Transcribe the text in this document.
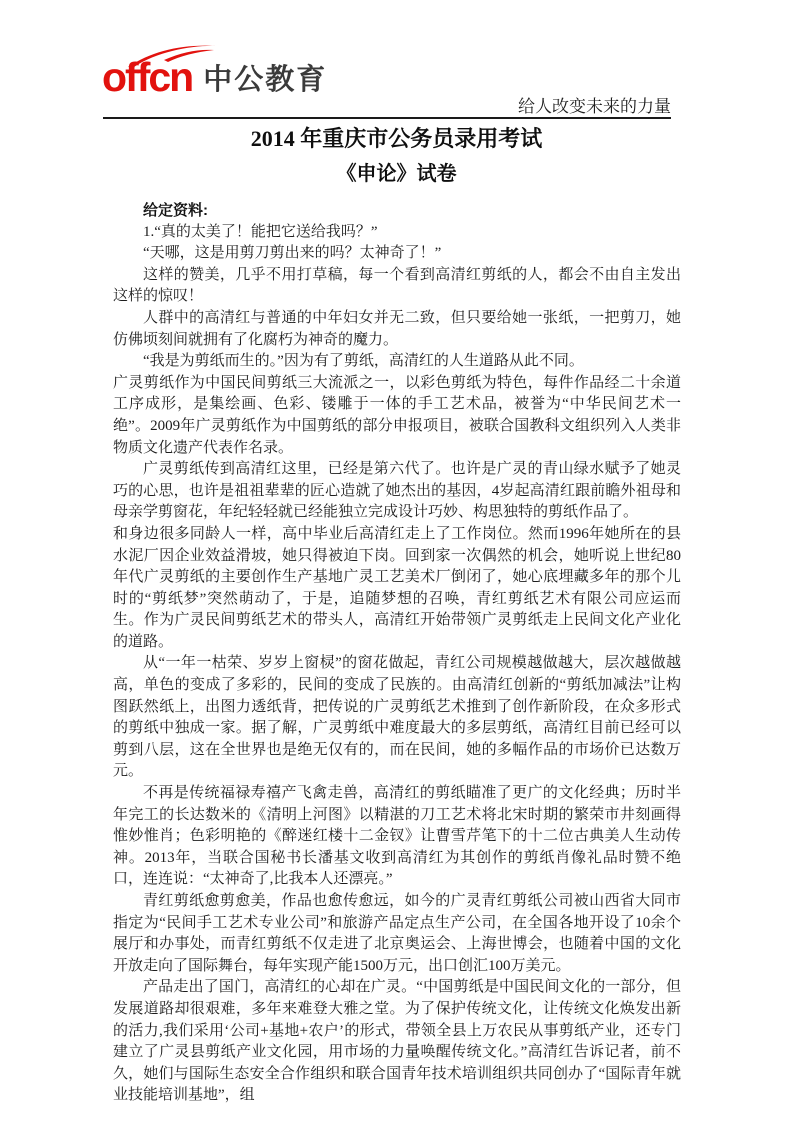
offcn 中公教育
给人改变未来的力量
2014 年重庆市公务员录用考试
《申论》试卷

给定资料:

1.“真的太美了！能把它送给我吗？”

“天哪，这是用剪刀剪出来的吗？太神奇了！”

这样的赞美，几乎不用打草稿，每一个看到高清红剪纸的人，都会不由自主发出这样的惊叹！

人群中的高清红与普通的中年妇女并无二致，但只要给她一张纸，一把剪刀，她仿佛顷刻间就拥有了化腐朽为神奇的魔力。

“我是为剪纸而生的。”因为有了剪纸，高清红的人生道路从此不同。

广灵剪纸作为中国民间剪纸三大流派之一，以彩色剪纸为特色，每件作品经二十余道工序成形，是集绘画、色彩、镂雕于一体的手工艺术品，被誉为“中华民间艺术一绝”。2009年广灵剪纸作为中国剪纸的部分申报项目，被联合国教科文组织列入人类非物质文化遗产代表作名录。

广灵剪纸传到高清红这里，已经是第六代了。也许是广灵的青山绿水赋予了她灵巧的心思，也许是祖祖辈辈的匠心造就了她杰出的基因，4岁起高清红跟前瞻外祖母和母亲学剪窗花，年纪轻轻就已经能独立完成设计巧妙、构思独特的剪纸作品了。

和身边很多同龄人一样，高中毕业后高清红走上了工作岗位。然而1996年她所在的县水泥厂因企业效益滑坡，她只得被迫下岗。回到家一次偶然的机会，她听说上世纪80年代广灵剪纸的主要创作生产基地广灵工艺美术厂倒闭了，她心底埋藏多年的那个儿时的“剪纸梦”突然萌动了，于是，追随梦想的召唤，青红剪纸艺术有限公司应运而生。作为广灵民间剪纸艺术的带头人，高清红开始带领广灵剪纸走上民间文化产业化的道路。

从“一年一枯荣、岁岁上窗棂”的窗花做起，青红公司规模越做越大，层次越做越高，单色的变成了多彩的，民间的变成了民族的。由高清红创新的“剪纸加减法”让构图跃然纸上，出图力透纸背，把传说的广灵剪纸艺术推到了创作新阶段，在众多形式的剪纸中独成一家。据了解，广灵剪纸中难度最大的多层剪纸，高清红目前已经可以剪到八层，这在全世界也是绝无仅有的，而在民间，她的多幅作品的市场价已达数万元。

不再是传统福禄寿禧产飞禽走兽，高清红的剪纸瞄准了更广的文化经典；历时半年完工的长达数米的《清明上河图》以精湛的刀工艺术将北宋时期的繁荣市井刻画得惟妙惟肖；色彩明艳的《醉迷红楼十二金钗》让曹雪芹笔下的十二位古典美人生动传神。2013年，当联合国秘书长潘基文收到高清红为其创作的剪纸肖像礼品时赞不绝口，连连说：“太神奇了,比我本人还漂亮。”

青红剪纸愈剪愈美，作品也愈传愈远，如今的广灵青红剪纸公司被山西省大同市指定为“民间手工艺术专业公司”和旅游产品定点生产公司，在全国各地开设了10余个展厅和办事处，而青红剪纸不仅走进了北京奥运会、上海世博会，也随着中国的文化开放走向了国际舞台，每年实现产能1500万元，出口创汇100万美元。

产品走出了国门，高清红的心却在广灵。“中国剪纸是中国民间文化的一部分，但发展道路却很艰难，多年来难登大雅之堂。为了保护传统文化，让传统文化焕发出新的活力,我们采用‘公司+基地+农户’的形式，带领全县上万农民从事剪纸产业，还专门建立了广灵县剪纸产业文化园，用市场的力量唤醒传统文化。”高清红告诉记者，前不久，她们与国际生态安全合作组织和联合国青年技术培训组织共同创办了“国际青年就业技能培训基地”，组
